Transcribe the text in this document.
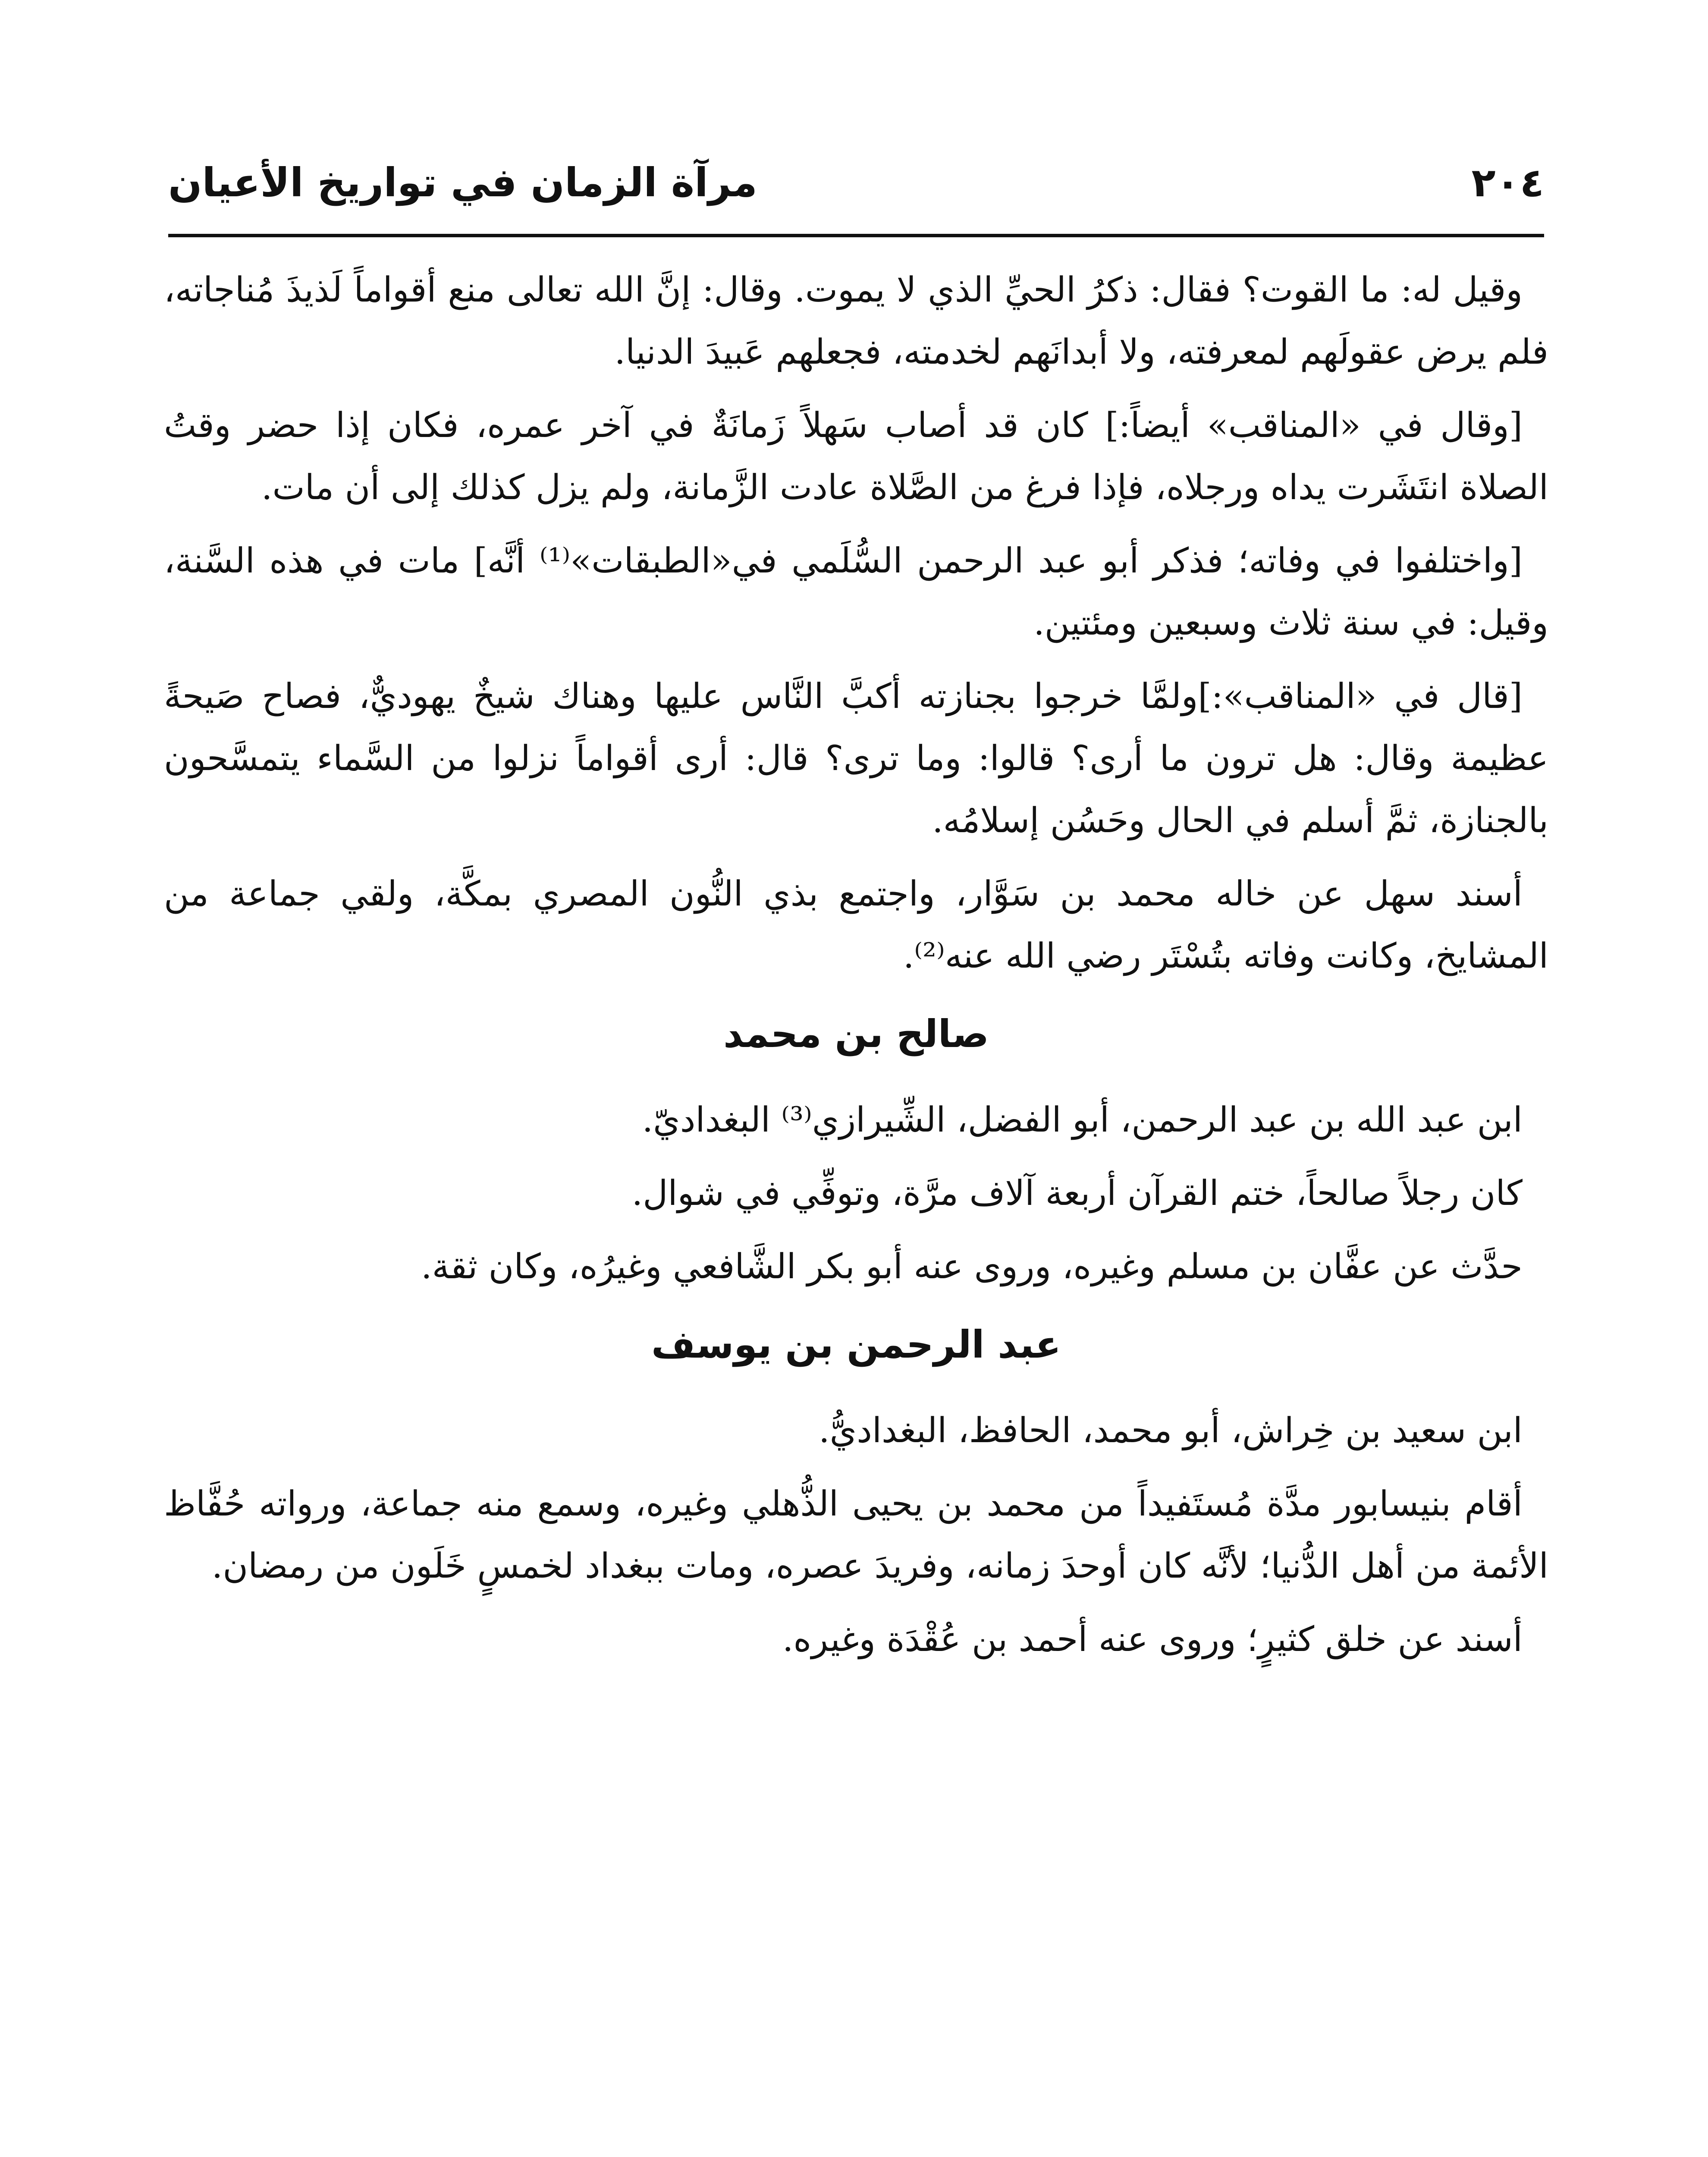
٢٠٤
مرآة الزمان في تواريخ الأعيان

وقيل له: ما القوت؟ فقال: ذكرُ الحيِّ الذي لا يموت. وقال: إنَّ الله تعالى منع أقواماً لَذيذَ مُناجاته، فلم يرض عقولَهم لمعرفته، ولا أبدانَهم لخدمته، فجعلهم عَبيدَ الدنيا.

[وقال في «المناقب» أيضاً:] كان قد أصاب سَهلاً زَمانَةٌ في آخر عمره، فكان إذا حضر وقتُ الصلاة انتَشَرت يداه ورجلاه، فإذا فرغ من الصَّلاة عادت الزَّمانة، ولم يزل كذلك إلى أن مات.

[واختلفوا في وفاته؛ فذكر أبو عبد الرحمن السُّلَمي في«الطبقات»⁽¹⁾ أنَّه] مات في هذه السَّنة، وقيل: في سنة ثلاث وسبعين ومئتين.

[قال في «المناقب»:]ولمَّا خرجوا بجنازته أكبَّ النَّاس عليها وهناك شيخٌ يهوديٌّ، فصاح صَيحةً عظيمة وقال: هل ترون ما أرى؟ قالوا: وما ترى؟ قال: أرى أقواماً نزلوا من السَّماء يتمسَّحون بالجنازة، ثمَّ أسلم في الحال وحَسُن إسلامُه.

أسند سهل عن خاله محمد بن سَوَّار، واجتمع بذي النُّون المصري بمكَّة، ولقي جماعة من المشايخ، وكانت وفاته بتُسْتَر رضي الله عنه⁽²⁾.

صالح بن محمد

ابن عبد الله بن عبد الرحمن، أبو الفضل، الشِّيرازي⁽³⁾ البغداديّ.

كان رجلاً صالحاً، ختم القرآن أربعة آلاف مرَّة، وتوفِّي في شوال.

حدَّث عن عفَّان بن مسلم وغيره، وروى عنه أبو بكر الشَّافعي وغيرُه، وكان ثقة.

عبد الرحمن بن يوسف

ابن سعيد بن خِراش، أبو محمد، الحافظ، البغداديُّ.

أقام بنيسابور مدَّة مُستَفيداً من محمد بن يحيى الذُّهلي وغيره، وسمع منه جماعة، ورواته حُفَّاظ الأئمة من أهل الدُّنيا؛ لأنَّه كان أوحدَ زمانه، وفريدَ عصره، ومات ببغداد لخمسٍ خَلَون من رمضان.

أسند عن خلق كثيرٍ؛ وروى عنه أحمد بن عُقْدَة وغيره.
